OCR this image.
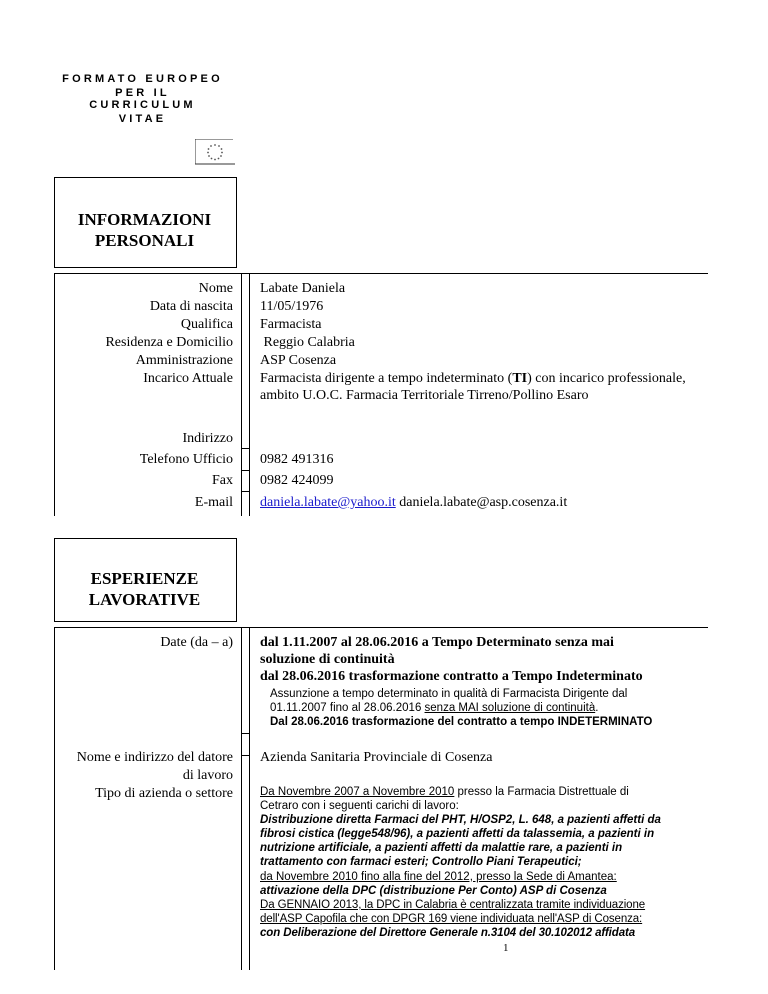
FORMATO EUROPEO
PER IL CURRICULUM
VITAE
INFORMAZIONI
PERSONALI
Nome
Data di nascita
Qualifica
Residenza e Domicilio
Amministrazione
Incarico Attuale
Indirizzo
Telefono Ufficio
Fax
E-mail
Labate Daniela
11/05/1976
Farmacista
Reggio Calabria
ASP Cosenza
Farmacista dirigente a tempo indeterminato (TI) con incarico professionale, ambito U.O.C. Farmacia Territoriale Tirreno/Pollino Esaro
0982 491316
0982 424099
daniela.labate@yahoo.it daniela.labate@asp.cosenza.it
ESPERIENZE
LAVORATIVE
Date (da – a)
Nome e indirizzo del datore
di lavoro
Tipo di azienda o settore
dal 1.11.2007 al 28.06.2016 a Tempo Determinato senza mai
soluzione di continuità
dal 28.06.2016 trasformazione contratto a Tempo Indeterminato
Assunzione a tempo determinato in qualità di Farmacista Dirigente dal
01.11.2007 fino al 28.06.2016 senza MAI soluzione di continuità.
Dal 28.06.2016 trasformazione del contratto a tempo INDETERMINATO
Azienda Sanitaria Provinciale di Cosenza
Da Novembre 2007 a Novembre 2010 presso la Farmacia Distrettuale di
Cetraro con i seguenti carichi di lavoro:
Distribuzione diretta Farmaci del PHT, H/OSP2, L. 648, a pazienti affetti da
fibrosi cistica (legge548/96), a pazienti affetti da talassemia, a pazienti in
nutrizione artificiale, a pazienti affetti da malattie rare, a pazienti in
trattamento con farmaci esteri; Controllo Piani Terapeutici;
da Novembre 2010 fino alla fine del 2012, presso la Sede di Amantea:
attivazione della DPC (distribuzione Per Conto) ASP di Cosenza
Da GENNAIO 2013, la DPC in Calabria è centralizzata tramite individuazione
dell'ASP Capofila che con DPGR 169 viene individuata nell'ASP di Cosenza:
con Deliberazione del Direttore Generale n.3104 del 30.102012 affidata
1
